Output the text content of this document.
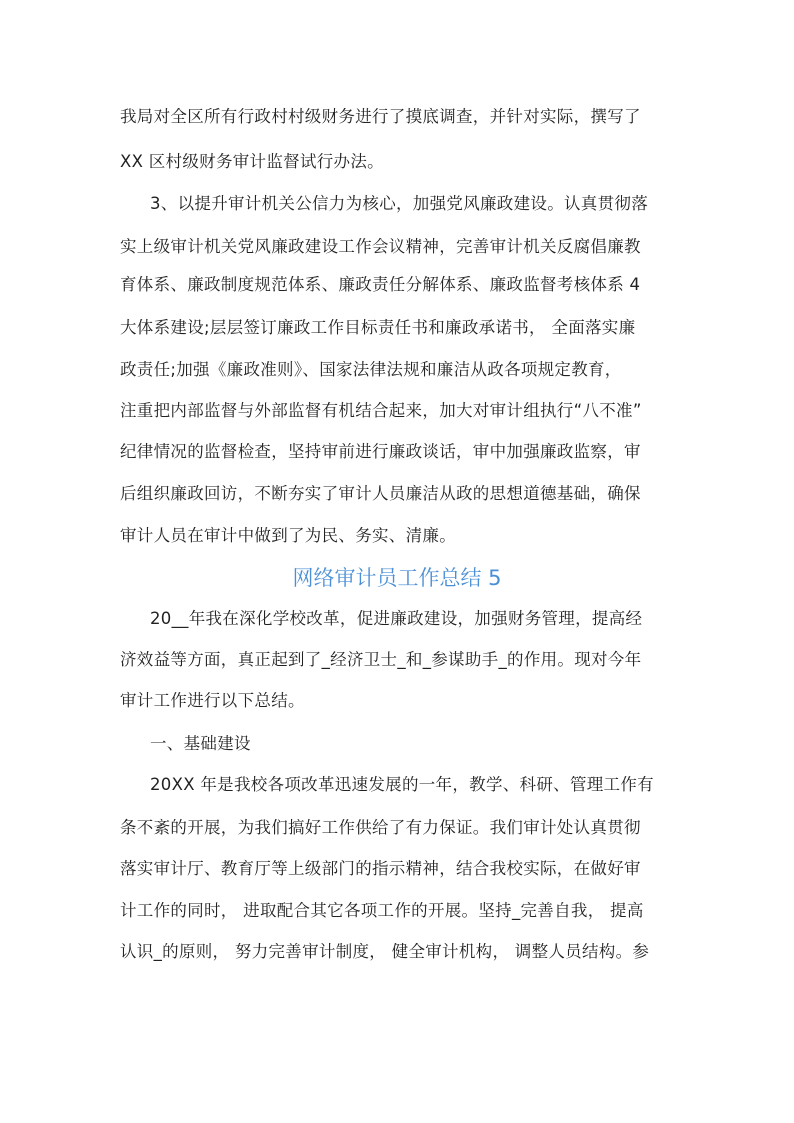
我局对全区所有行政村村级财务进行了摸底调查，并针对实际，撰写了
XX 区村级财务审计监督试行办法。
3、以提升审计机关公信力为核心，加强党风廉政建设。认真贯彻落
实上级审计机关党风廉政建设工作会议精神，完善审计机关反腐倡廉教
育体系、廉政制度规范体系、廉政责任分解体系、廉政监督考核体系 4
大体系建设;层层签订廉政工作目标责任书和廉政承诺书， 全面落实廉
政责任;加强《廉政准则》、国家法律法规和廉洁从政各项规定教育，
注重把内部监督与外部监督有机结合起来，加大对审计组执行“八不准”
纪律情况的监督检查，坚持审前进行廉政谈话，审中加强廉政监察，审
后组织廉政回访，不断夯实了审计人员廉洁从政的思想道德基础，确保
审计人员在审计中做到了为民、务实、清廉。
网络审计员工作总结 5
20__年我在深化学校改革，促进廉政建设，加强财务管理，提高经
济效益等方面，真正起到了_经济卫士_和_参谋助手_的作用。现对今年
审计工作进行以下总结。
一、基础建设
20XX 年是我校各项改革迅速发展的一年，教学、科研、管理工作有
条不紊的开展，为我们搞好工作供给了有力保证。我们审计处认真贯彻
落实审计厅、教育厅等上级部门的指示精神，结合我校实际，在做好审
计工作的同时， 进取配合其它各项工作的开展。坚持_完善自我， 提高
认识_的原则， 努力完善审计制度， 健全审计机构， 调整人员结构。参
